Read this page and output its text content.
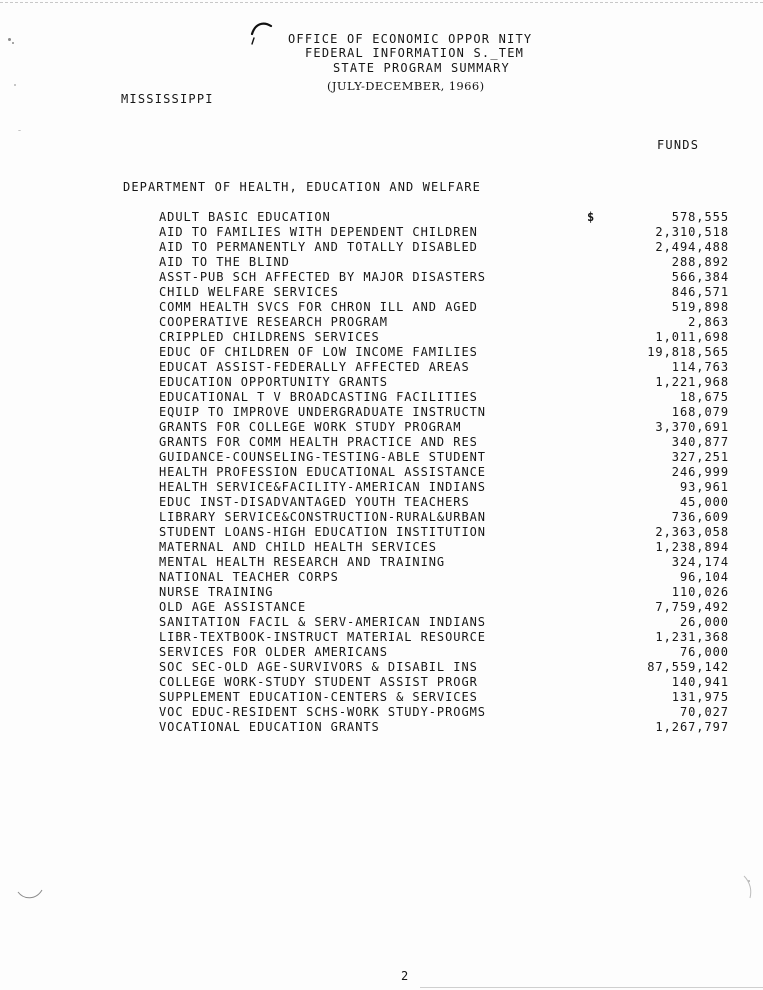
OFFICE OF ECONOMIC OPPOR NITY
FEDERAL INFORMATION S._TEM
STATE PROGRAM SUMMARY
(JULY-DECEMBER, 1966)
MISSISSIPPI
FUNDS
DEPARTMENT OF HEALTH, EDUCATION AND WELFARE
ADULT BASIC EDUCATION	$	578,555
AID TO FAMILIES WITH DEPENDENT CHILDREN	2,310,518
AID TO PERMANENTLY AND TOTALLY DISABLED	2,494,488
AID TO THE BLIND	288,892
ASST-PUB SCH AFFECTED BY MAJOR DISASTERS	566,384
CHILD WELFARE SERVICES	846,571
COMM HEALTH SVCS FOR CHRON ILL AND AGED	519,898
COOPERATIVE RESEARCH PROGRAM	2,863
CRIPPLED CHILDRENS SERVICES	1,011,698
EDUC OF CHILDREN OF LOW INCOME FAMILIES	19,818,565
EDUCAT ASSIST-FEDERALLY AFFECTED AREAS	114,763
EDUCATION OPPORTUNITY GRANTS	1,221,968
EDUCATIONAL T V BROADCASTING FACILITIES	18,675
EQUIP TO IMPROVE UNDERGRADUATE INSTRUCTN	168,079
GRANTS FOR COLLEGE WORK STUDY PROGRAM	3,370,691
GRANTS FOR COMM HEALTH PRACTICE AND RES	340,877
GUIDANCE-COUNSELING-TESTING-ABLE STUDENT	327,251
HEALTH PROFESSION EDUCATIONAL ASSISTANCE	246,999
HEALTH SERVICE&FACILITY-AMERICAN INDIANS	93,961
EDUC INST-DISADVANTAGED YOUTH TEACHERS	45,000
LIBRARY SERVICE&CONSTRUCTION-RURAL&URBAN	736,609
STUDENT LOANS-HIGH EDUCATION INSTITUTION	2,363,058
MATERNAL AND CHILD HEALTH SERVICES	1,238,894
MENTAL HEALTH RESEARCH AND TRAINING	324,174
NATIONAL TEACHER CORPS	96,104
NURSE TRAINING	110,026
OLD AGE ASSISTANCE	7,759,492
SANITATION FACIL & SERV-AMERICAN INDIANS	26,000
LIBR-TEXTBOOK-INSTRUCT MATERIAL RESOURCE	1,231,368
SERVICES FOR OLDER AMERICANS	76,000
SOC SEC-OLD AGE-SURVIVORS & DISABIL INS	87,559,142
COLLEGE WORK-STUDY STUDENT ASSIST PROGR	140,941
SUPPLEMENT EDUCATION-CENTERS & SERVICES	131,975
VOC EDUC-RESIDENT SCHS-WORK STUDY-PROGMS	70,027
VOCATIONAL EDUCATION GRANTS	1,267,797
2
